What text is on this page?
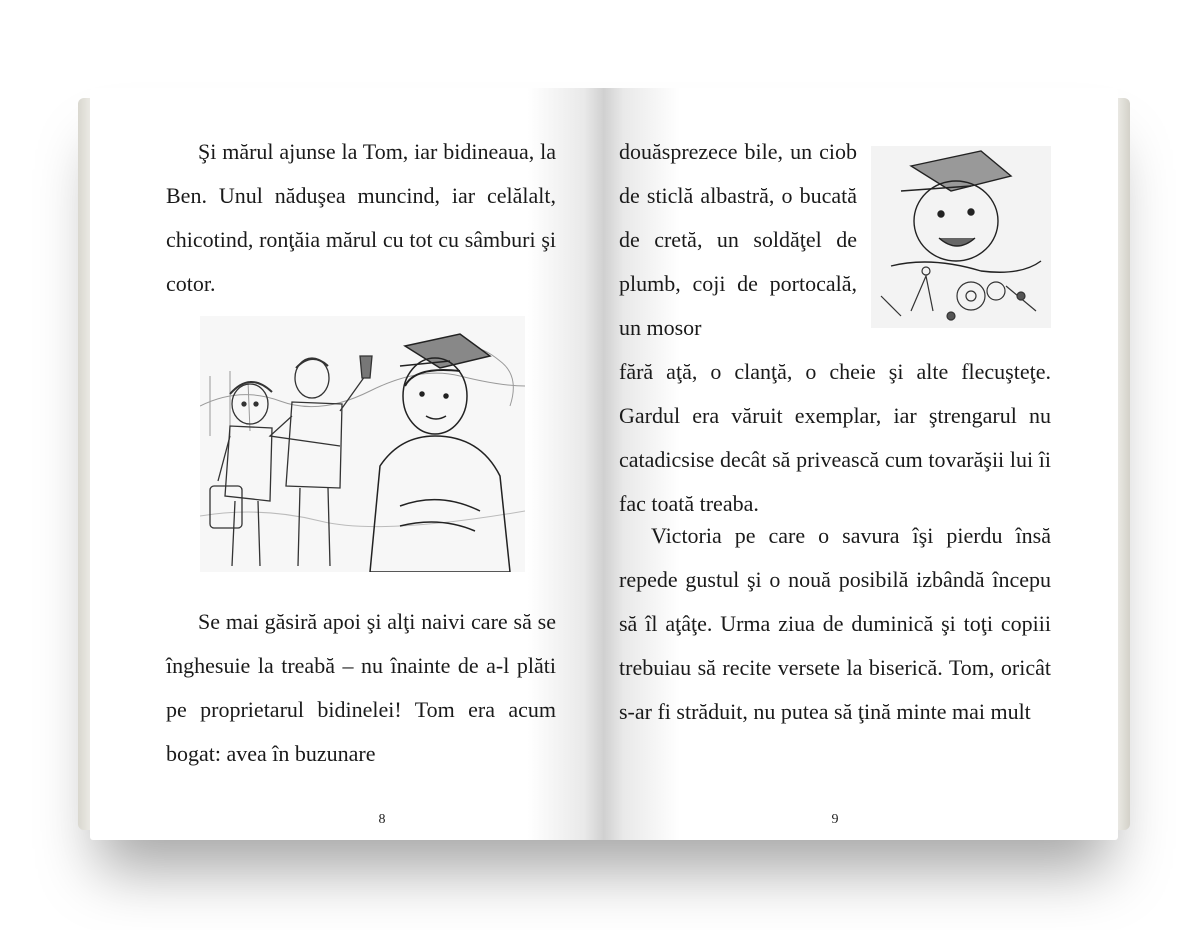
Şi mărul ajunse la Tom, iar bidineaua, la Ben. Unul năduşea muncind, iar celălalt, chicotind, ronţăia mărul cu tot cu sâmburi şi cotor.

Se mai găsiră apoi şi alţi naivi care să se înghesuie la treabă – nu înainte de a-l plăti pe proprietarul bidinelei! Tom era acum bogat: avea în buzunare

8

douăsprezece bile, un ciob de sticlă albastră, o bucată de cretă, un soldăţel de plumb, coji de portocală, un mosor

fără aţă, o clanţă, o cheie şi alte flecuşteţe. Gardul era văruit exemplar, iar ştrengarul nu catadicsise decât să privească cum tovarăşii lui îi fac toată treaba.

Victoria pe care o savura îşi pierdu însă repede gustul şi o nouă posibilă izbândă începu să îl aţâţe. Urma ziua de duminică şi toţi copiii trebuiau să recite versete la biserică. Tom, oricât s-ar fi străduit, nu putea să ţină minte mai mult

9
